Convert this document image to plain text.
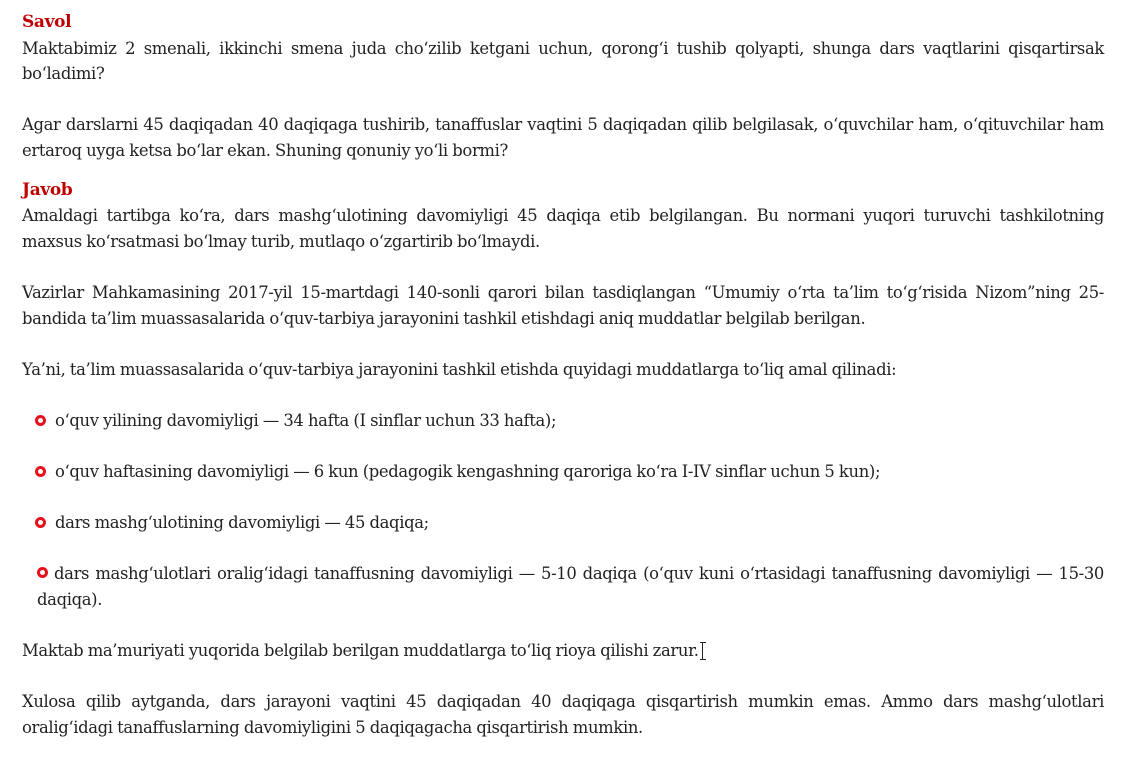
Savol

Maktabimiz 2 smenali, ikkinchi smena juda cho‘zilib ketgani uchun, qorong‘i tushib qolyapti, shunga dars vaqtlarini qisqartirsak bo‘ladimi?

Agar darslarni 45 daqiqadan 40 daqiqaga tushirib, tanaffuslar vaqtini 5 daqiqadan qilib belgilasak, o‘quvchilar ham, o‘qituvchilar ham ertaroq uyga ketsa bo‘lar ekan. Shuning qonuniy yo‘li bormi?

Javob

Amaldagi tartibga ko‘ra, dars mashg‘ulotining davomiyligi 45 daqiqa etib belgilangan. Bu normani yuqori turuvchi tashkilotning maxsus ko‘rsatmasi bo‘lmay turib, mutlaqo o‘zgartirib bo‘lmaydi.

Vazirlar Mahkamasining 2017-yil 15-martdagi 140-sonli qarori bilan tasdiqlangan “Umumiy o‘rta ta’lim to‘g‘risida Nizom”ning 25-bandida ta’lim muassasalarida o‘quv-tarbiya jarayonini tashkil etishdagi aniq muddatlar belgilab berilgan.

Ya’ni, ta’lim muassasalarida o‘quv-tarbiya jarayonini tashkil etishda quyidagi muddatlarga to‘liq amal qilinadi:

o‘quv yilining davomiyligi — 34 hafta (I sinflar uchun 33 hafta);
o‘quv haftasining davomiyligi — 6 kun (pedagogik kengashning qaroriga ko‘ra I-IV sinflar uchun 5 kun);
dars mashg‘ulotining davomiyligi — 45 daqiqa;
dars mashg‘ulotlari oralig‘idagi tanaffusning davomiyligi — 5-10 daqiqa (o‘quv kuni o‘rtasidagi tanaffusning davomiyligi — 15-30 daqiqa).

Maktab ma’muriyati yuqorida belgilab berilgan muddatlarga to‘liq rioya qilishi zarur.

Xulosa qilib aytganda, dars jarayoni vaqtini 45 daqiqadan 40 daqiqaga qisqartirish mumkin emas. Ammo dars mashg‘ulotlari oralig‘idagi tanaffuslarning davomiyligini 5 daqiqagacha qisqartirish mumkin.
